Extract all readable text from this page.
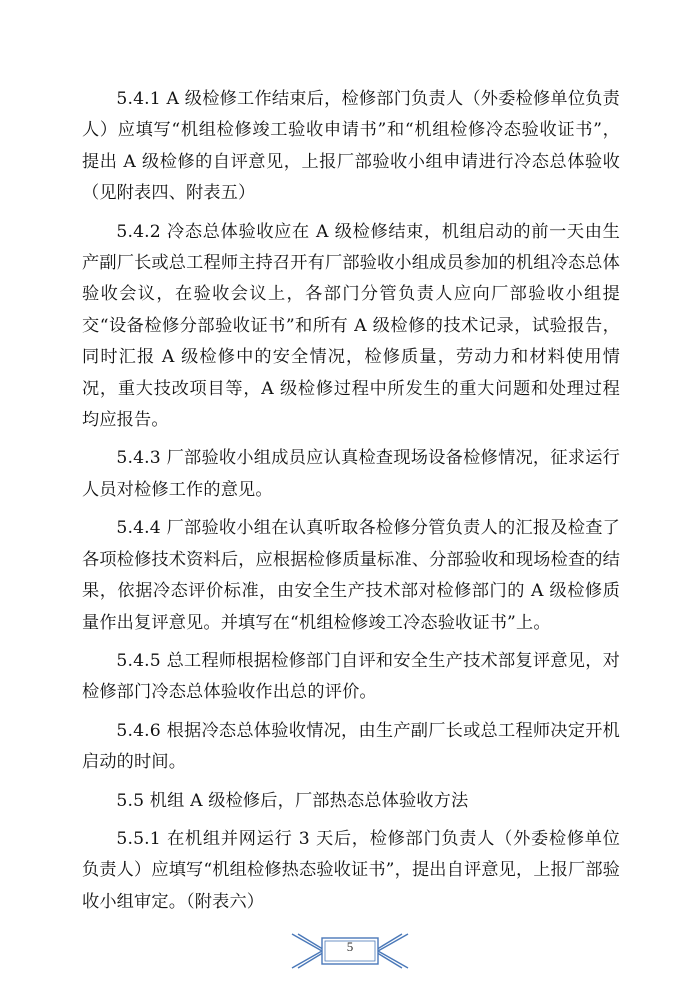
5.4.1 A 级检修工作结束后，检修部门负责人（外委检修单位负责人）应填写“机组检修竣工验收申请书”和“机组检修冷态验收证书”，提出 A 级检修的自评意见，上报厂部验收小组申请进行冷态总体验收（见附表四、附表五）

5.4.2 冷态总体验收应在 A 级检修结束，机组启动的前一天由生产副厂长或总工程师主持召开有厂部验收小组成员参加的机组冷态总体验收会议，在验收会议上，各部门分管负责人应向厂部验收小组提交“设备检修分部验收证书”和所有 A 级检修的技术记录，试验报告，同时汇报 A 级检修中的安全情况，检修质量，劳动力和材料使用情况，重大技改项目等，A 级检修过程中所发生的重大问题和处理过程均应报告。

5.4.3 厂部验收小组成员应认真检查现场设备检修情况，征求运行人员对检修工作的意见。

5.4.4 厂部验收小组在认真听取各检修分管负责人的汇报及检查了各项检修技术资料后，应根据检修质量标准、分部验收和现场检查的结果，依据冷态评价标准，由安全生产技术部对检修部门的 A 级检修质量作出复评意见。并填写在“机组检修竣工冷态验收证书”上。

5.4.5 总工程师根据检修部门自评和安全生产技术部复评意见，对检修部门冷态总体验收作出总的评价。

5.4.6 根据冷态总体验收情况，由生产副厂长或总工程师决定开机启动的时间。

5.5 机组 A 级检修后，厂部热态总体验收方法

5.5.1 在机组并网运行 3 天后，检修部门负责人（外委检修单位负责人）应填写“机组检修热态验收证书”，提出自评意见，上报厂部验收小组审定。（附表六）

5
